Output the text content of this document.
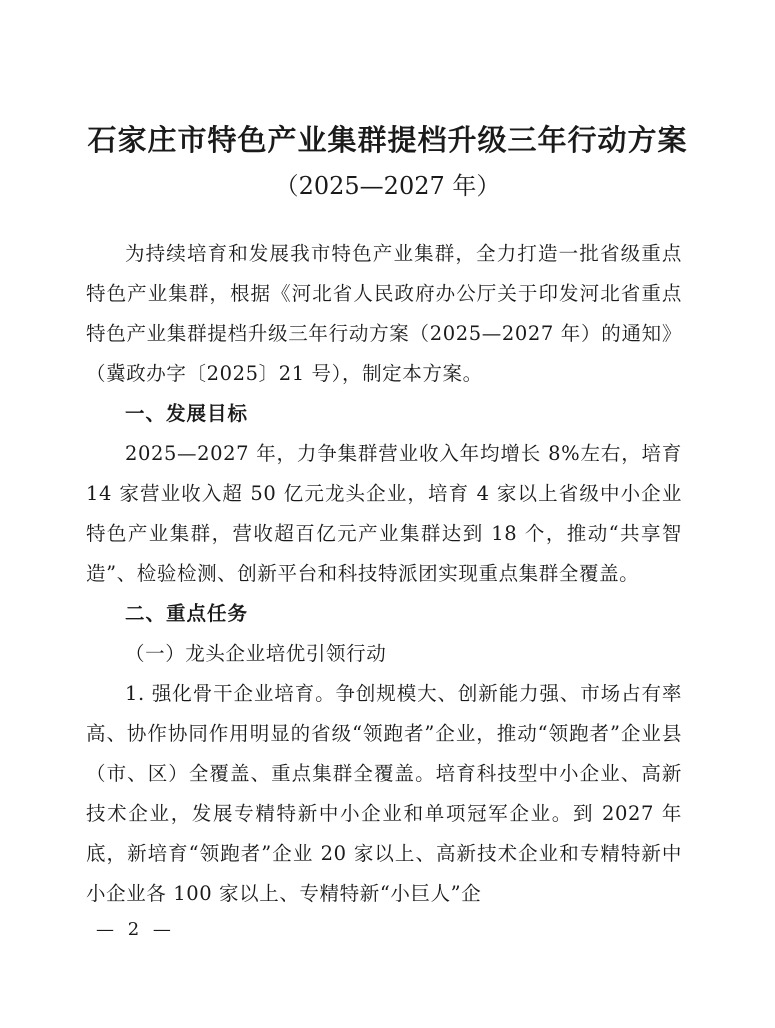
石家庄市特色产业集群提档升级三年行动方案
（2025—2027 年）

为持续培育和发展我市特色产业集群，全力打造一批省级重点特色产业集群，根据《河北省人民政府办公厅关于印发河北省重点特色产业集群提档升级三年行动方案（2025—2027 年）的通知》（冀政办字〔2025〕21 号），制定本方案。

一、发展目标

2025—2027 年，力争集群营业收入年均增长 8%左右，培育 14 家营业收入超 50 亿元龙头企业，培育 4 家以上省级中小企业特色产业集群，营收超百亿元产业集群达到 18 个，推动“共享智造”、检验检测、创新平台和科技特派团实现重点集群全覆盖。

二、重点任务

（一）龙头企业培优引领行动

1. 强化骨干企业培育。争创规模大、创新能力强、市场占有率高、协作协同作用明显的省级“领跑者”企业，推动“领跑者”企业县（市、区）全覆盖、重点集群全覆盖。培育科技型中小企业、高新技术企业，发展专精特新中小企业和单项冠军企业。到 2027 年底，新培育“领跑者”企业 20 家以上、高新技术企业和专精特新中小企业各 100 家以上、专精特新“小巨人”企

— 2 —
